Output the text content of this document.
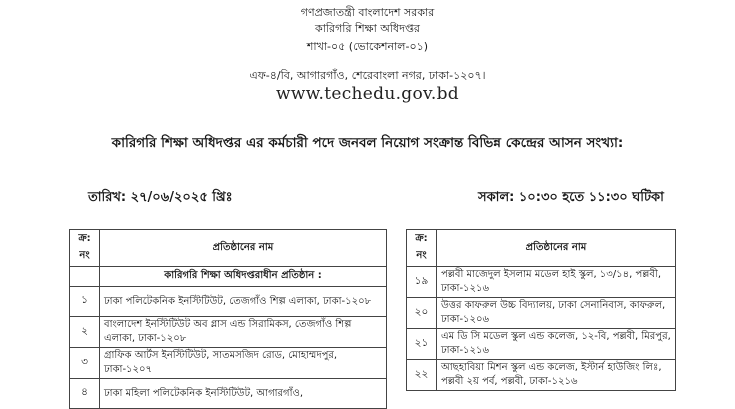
গণপ্রজাতন্ত্রী বাংলাদেশ সরকার
কারিগরি শিক্ষা অধিদপ্তর
শাখা-০৫ (ভোকেশনাল-০১)
এফ-৪/বি, আগারগাঁও, শেরেবাংলা নগর, ঢাকা-১২০৭।
www.techedu.gov.bd
কারিগরি শিক্ষা অধিদপ্তর এর কর্মচারী পদে জনবল নিয়োগ সংক্রান্ত বিভিন্ন কেন্দ্রের আসন সংখ্যা:
তারিখ: ২৭/০৬/২০২৫ খ্রিঃ	সকাল: ১০:৩০ হতে ১১:৩০ ঘটিকা
ক্র: নং	প্রতিষ্ঠানের নাম
	কারিগরি শিক্ষা অধিদপ্তরাধীন প্রতিষ্ঠান :
১	ঢাকা পলিটেকনিক ইনস্টিটিউট, তেজগাঁও শিল্প এলাকা, ঢাকা-১২০৮
২	বাংলাদেশ ইনস্টিটিউট অব গ্লাস এন্ড সিরামিকস, তেজগাঁও শিল্প এলাকা, ঢাকা-১২০৮
৩	গ্রাফিক আর্টস ইনস্টিটিউট, সাতমসজিদ রোড, মোহাম্মদপুর, ঢাকা-১২০৭
৪	ঢাকা মহিলা পলিটেকনিক ইনস্টিটিউট, আগারগাঁও,
ক্র: নং	প্রতিষ্ঠানের নাম
১৯	পল্লবী মাজেদুল ইসলাম মডেল হাই স্কুল, ১৩/১৪, পল্লবী, ঢাকা-১২১৬
২০	উত্তর কাফরুল উচ্চ বিদ্যালয়, ঢাকা সেনানিবাস, কাফরুল, ঢাকা-১২০৬
২১	এম ডি সি মডেল স্কুল এন্ড কলেজ, ১২-বি, পল্লবী, মিরপুর, ঢাকা-১২১৬
২২	আছহাবিয়া মিশন স্কুল এন্ড কলেজ, ইস্টার্ন হাউজিং লিঃ, পল্লবী ২য় পর্ব, পল্লবী, ঢাকা-১২১৬
